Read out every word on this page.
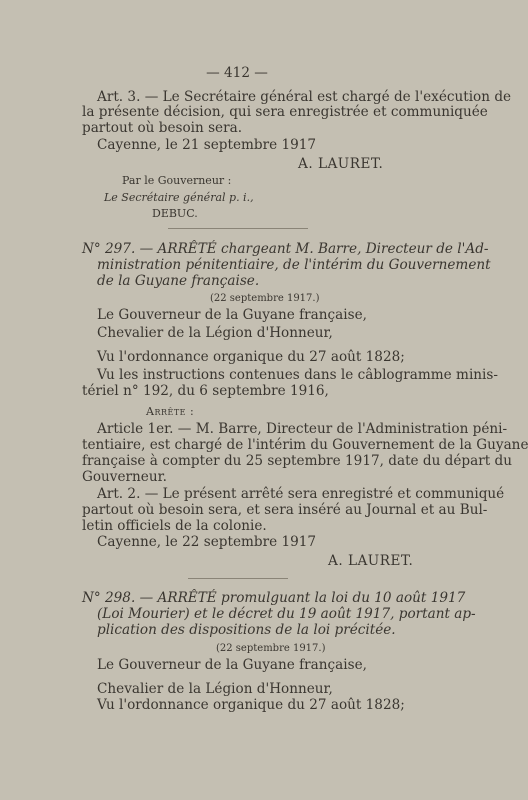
— 412 —

Art. 3. — Le Secrétaire général est chargé de l'exécution de

la présente décision, qui sera enregistrée et communiquée

partout où besoin sera.

Cayenne, le 21 septembre 1917

A. LAURET.

Par le Gouverneur :

Le Secrétaire général p. i.,

DEBUC.

N° 297. — ARRÊTÉ chargeant M. Barre, Directeur de l'Ad-

ministration pénitentiaire, de l'intérim du Gouvernement

de la Guyane française.

(22 septembre 1917.)

Le Gouverneur de la Guyane française,

Chevalier de la Légion d'Honneur,

Vu l'ordonnance organique du 27 août 1828;

Vu les instructions contenues dans le câblogramme minis-

tériel n° 192, du 6 septembre 1916,

Arrête :

Article 1er. — M. Barre, Directeur de l'Administration péni-

tentiaire, est chargé de l'intérim du Gouvernement de la Guyane

française à compter du 25 septembre 1917, date du départ du

Gouverneur.

Art. 2. — Le présent arrêté sera enregistré et communiqué

partout où besoin sera, et sera inséré au Journal et au Bul-

letin officiels de la colonie.

Cayenne, le 22 septembre 1917

A. LAURET.

N° 298. — ARRÊTÉ promulguant la loi du 10 août 1917

(Loi Mourier) et le décret du 19 août 1917, portant ap-

plication des dispositions de la loi précitée.

(22 septembre 1917.)

Le Gouverneur de la Guyane française,

Chevalier de la Légion d'Honneur,

Vu l'ordonnance organique du 27 août 1828;
